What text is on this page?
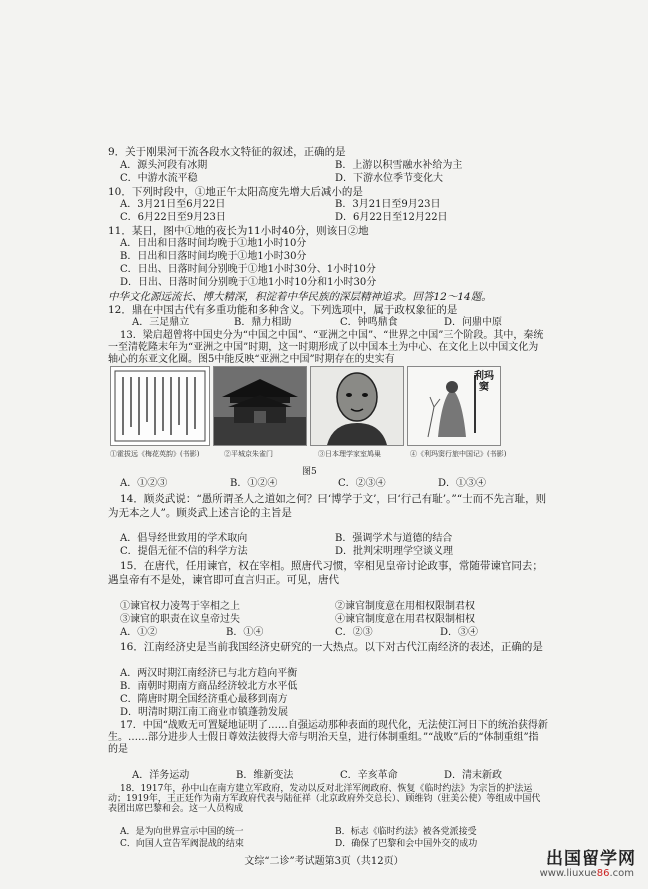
9．关于刚果河干流各段水文特征的叙述，正确的是
A．源头河段有冰期	B．上游以积雪融水补给为主
C．中游水流平稳	D．下游水位季节变化大
10．下列时段中，①地正午太阳高度先增大后减小的是
A．3月21日至6月22日	B．3月21日至9月23日
C．6月22日至9月23日	D．6月22日至12月22日
11．某日，图中①地的夜长为11小时40分，则该日②地
A．日出和日落时间均晚于①地1小时10分
B．日出和日落时间均晚于①地1小时30分
C．日出、日落时间分别晚于①地1小时30分、1小时10分
D．日出、日落时间分别晚于①地1小时10分和1小时30分
中华文化源远流长、博大精深，积淀着中华民族的深层精神追求。回答12～14题。
12．鼎在中国古代有多重功能和多种含义。下列选项中，属于政权象征的是
A．三足鼎立	B．鼎力相助	C．钟鸣鼎食	D．问鼎中原
13．梁启超曾将中国史分为“中国之中国”、“亚洲之中国”、“世界之中国”三个阶段。其中，秦统一至清乾隆末年为“亚洲之中国”时期，这一时期形成了以中国本土为中心、在文化上以中国文化为轴心的东亚文化圈。图5中能反映“亚洲之中国”时期存在的史实有
利玛窦
①霍拔远《梅花英韵》(书影)	②平城京朱雀门	③日本理学家室鸠巢	④《利玛窦行旅中国记》(书影)
图5
A．①②③	B．①②④	C．②③④	D．①③④
14．顾炎武说：“愚所谓圣人之道如之何？曰‘博学于文’，曰‘行己有耻’。”“士而不先言耻，则为无本之人”。顾炎武上述言论的主旨是
A．倡导经世致用的学术取向	B．强调学术与道德的结合
C．提倡无征不信的科学方法	D．批判宋明理学空谈义理
15．在唐代，任用谏官，权在宰相。照唐代习惯，宰相见皇帝讨论政事，常随带谏官同去；遇皇帝有不是处，谏官即可直言归正。可见，唐代
①谏官权力凌驾于宰相之上	②谏官制度意在用相权限制君权
③谏官的职责在议皇帝过失	④谏官制度意在用君权限制相权
A．①②	B．①④	C．②③	D．③④
16．江南经济史是当前我国经济史研究的一大热点。以下对古代江南经济的表述，正确的是
A．两汉时期江南经济已与北方趋向平衡
B．南朝时期南方商品经济较北方水平低
C．隋唐时期全国经济重心最移到南方
D．明清时期江南工商业市镇蓬勃发展
17．中国“战败无可置疑地证明了……自强运动那种表面的现代化，无法使江河日下的统治获得新生。……部分进步人士假日尊效法彼得大帝与明治天皇，进行体制重组。”“战败”后的“体制重组”指的是
A．洋务运动	B．维新变法	C．辛亥革命	D．清末新政
18．1917年，孙中山在南方建立军政府，发动以反对北洋军阀政府、恢复《临时约法》为宗旨的护法运动；1919年，王正廷作为南方军政府代表与陆征祥（北京政府外交总长）、顾维钧（驻美公使）等组成中国代表团出席巴黎和会。这一人员构成
A．是为向世界宣示中国的统一	B．标志《临时约法》被各党派接受
C．向国人宣告军阀混战的结束	D．确保了巴黎和会中国外交的成功
文综“二诊”考试题第3页（共12页）	出国留学网
www.liuxue86.com
